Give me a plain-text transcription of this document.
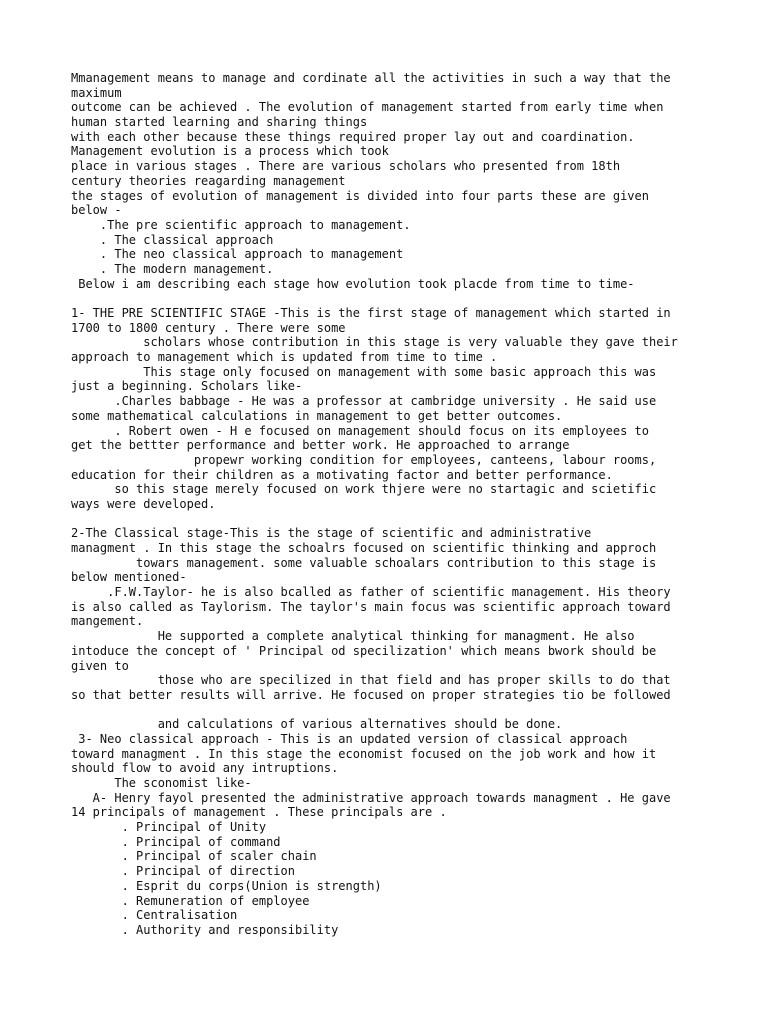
Mmanagement means to manage and cordinate all the activities in such a way that the
maximum
outcome can be achieved . The evolution of management started from early time when
human started learning and sharing things
with each other because these things required proper lay out and coardination.
Management evolution is a process which took
place in various stages . There are various scholars who presented from 18th
century theories reagarding management
the stages of evolution of management is divided into four parts these are given
below -
.The pre scientific approach to management.
. The classical approach
. The neo classical approach to management
. The modern management.
Below i am describing each stage how evolution took placde from time to time-
1- THE PRE SCIENTIFIC STAGE -This is the first stage of management which started in
1700 to 1800 century . There were some
scholars whose contribution in this stage is very valuable they gave their
approach to management which is updated from time to time .
This stage only focused on management with some basic approach this was
just a beginning. Scholars like-
.Charles babbage - He was a professor at cambridge university . He said use
some mathematical calculations in management to get better outcomes.
. Robert owen - H e focused on management should focus on its employees to
get the bettter performance and better work. He approached to arrange
propewr working condition for employees, canteens, labour rooms,
education for their children as a motivating factor and better performance.
so this stage merely focused on work thjere were no startagic and scietific
ways were developed.
2-The Classical stage-This is the stage of scientific and administrative
managment . In this stage the schoalrs focused on scientific thinking and approch
towars management. some valuable schoalars contribution to this stage is
below mentioned-
.F.W.Taylor- he is also bcalled as father of scientific management. His theory
is also called as Taylorism. The taylor's main focus was scientific approach toward
mangement.
He supported a complete analytical thinking for managment. He also
intoduce the concept of ' Principal od specilization' which means bwork should be
given to
those who are specilized in that field and has proper skills to do that
so that better results will arrive. He focused on proper strategies tio be followed
and calculations of various alternatives should be done.
3- Neo classical approach - This is an updated version of classical approach
toward managment . In this stage the economist focused on the job work and how it
should flow to avoid any intruptions.
The sconomist like-
A- Henry fayol presented the administrative approach towards managment . He gave
14 principals of management . These principals are .
. Principal of Unity
. Principal of command
. Principal of scaler chain
. Principal of direction
. Esprit du corps(Union is strength)
. Remuneration of employee
. Centralisation
. Authority and responsibility
